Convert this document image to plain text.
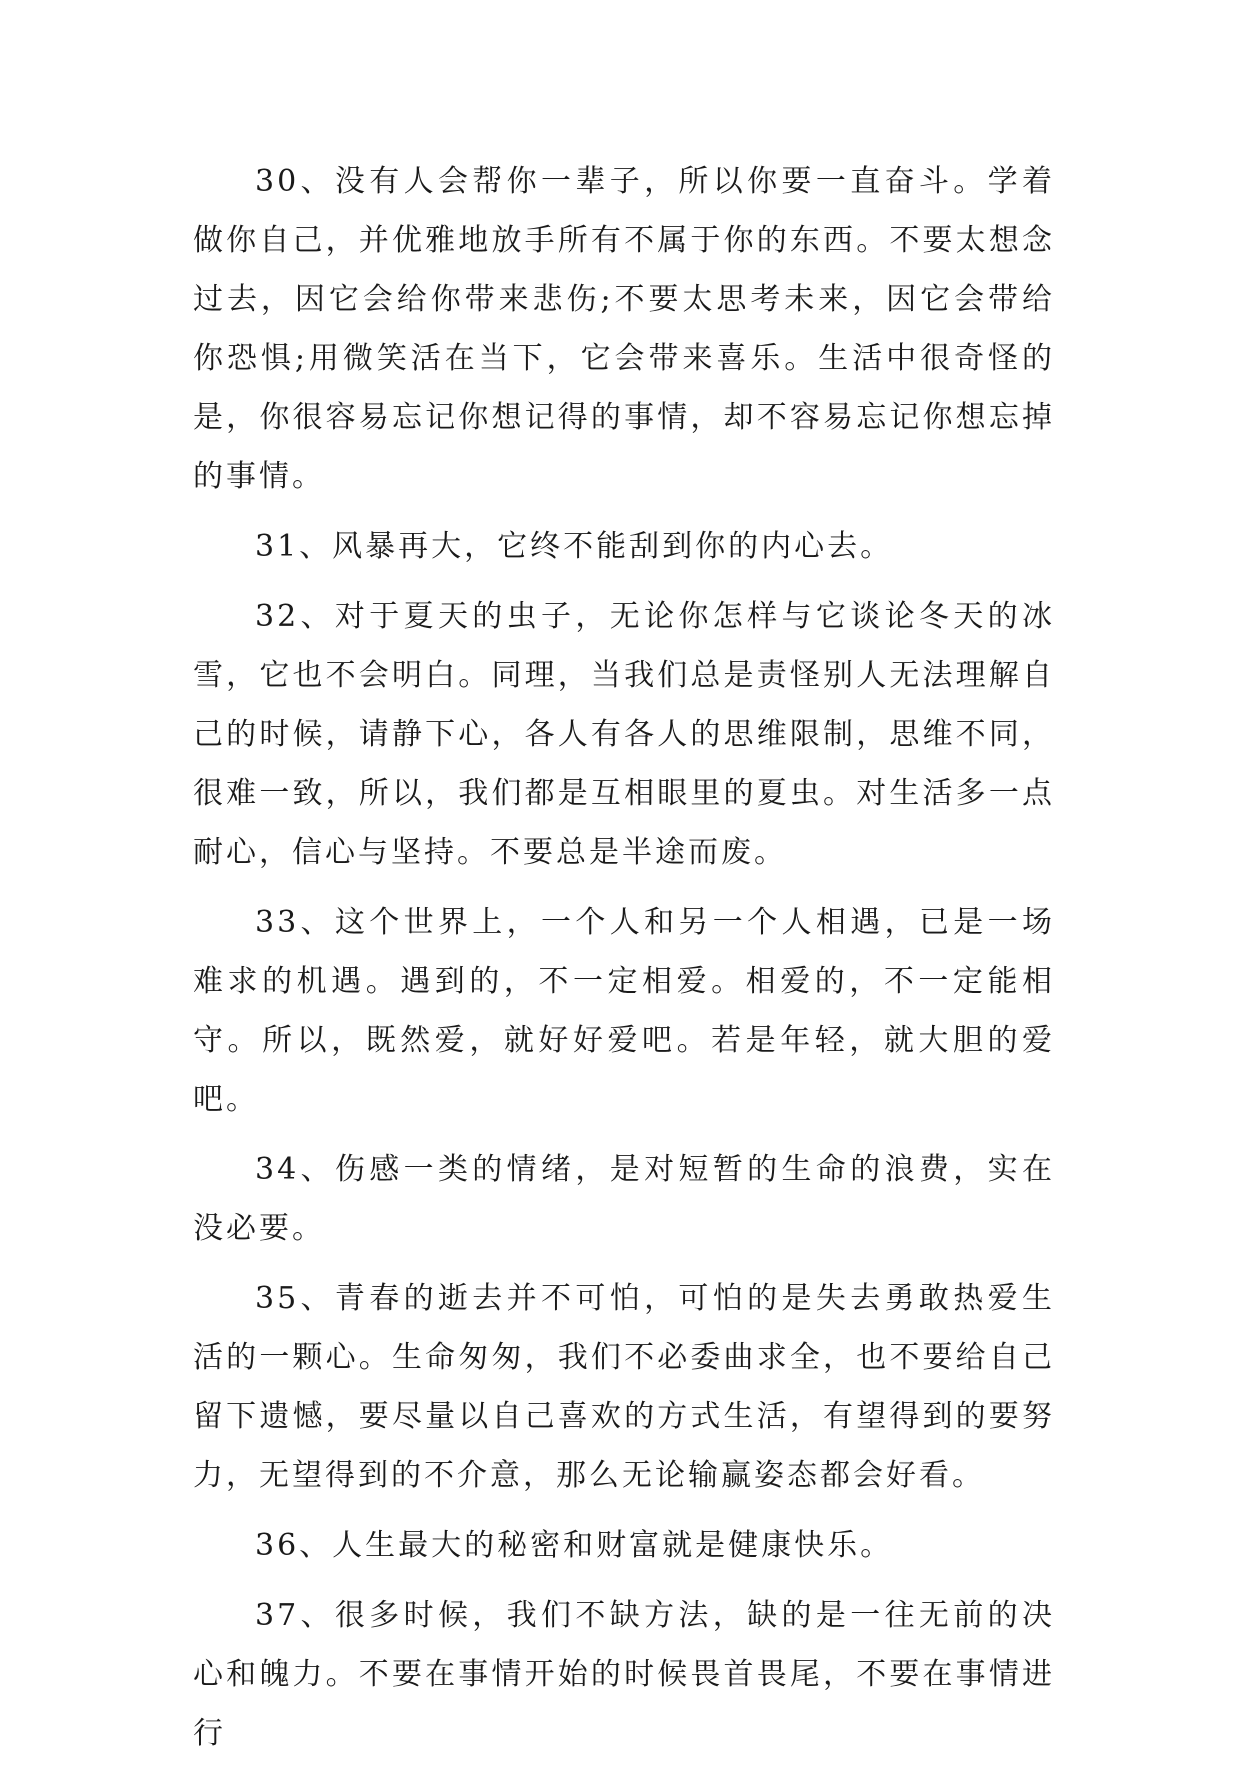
30、没有人会帮你一辈子，所以你要一直奋斗。学着做你自己，并优雅地放手所有不属于你的东西。不要太想念过去，因它会给你带来悲伤;不要太思考未来，因它会带给你恐惧;用微笑活在当下，它会带来喜乐。生活中很奇怪的是，你很容易忘记你想记得的事情，却不容易忘记你想忘掉的事情。

31、风暴再大，它终不能刮到你的内心去。

32、对于夏天的虫子，无论你怎样与它谈论冬天的冰雪，它也不会明白。同理，当我们总是责怪别人无法理解自己的时候，请静下心，各人有各人的思维限制，思维不同，很难一致，所以，我们都是互相眼里的夏虫。对生活多一点耐心，信心与坚持。不要总是半途而废。

33、这个世界上，一个人和另一个人相遇，已是一场难求的机遇。遇到的，不一定相爱。相爱的，不一定能相守。所以，既然爱，就好好爱吧。若是年轻，就大胆的爱吧。

34、伤感一类的情绪，是对短暂的生命的浪费，实在没必要。

35、青春的逝去并不可怕，可怕的是失去勇敢热爱生活的一颗心。生命匆匆，我们不必委曲求全，也不要给自己留下遗憾，要尽量以自己喜欢的方式生活，有望得到的要努力，无望得到的不介意，那么无论输赢姿态都会好看。

36、人生最大的秘密和财富就是健康快乐。

37、很多时候，我们不缺方法，缺的是一往无前的决心和魄力。不要在事情开始的时候畏首畏尾，不要在事情进行
